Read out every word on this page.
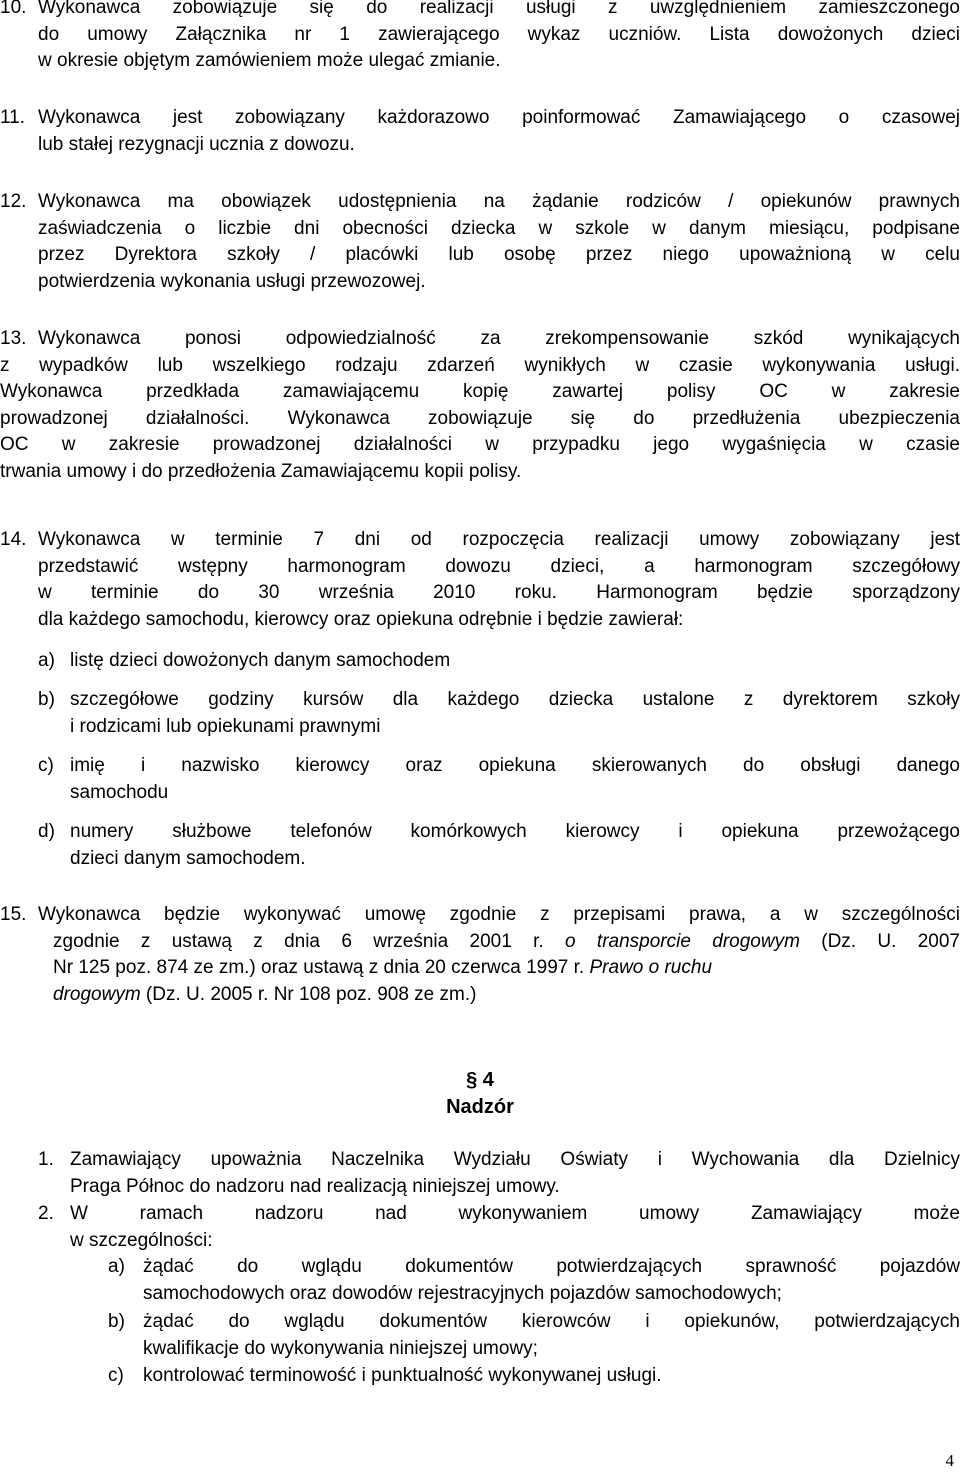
10. Wykonawca zobowiązuje się do realizacji usługi z uwzględnieniem zamieszczonego
do umowy Załącznika nr 1 zawierającego wykaz uczniów. Lista dowożonych dzieci
w okresie objętym zamówieniem może ulegać zmianie.
11. Wykonawca jest zobowiązany każdorazowo poinformować Zamawiającego o czasowej
lub stałej rezygnacji ucznia z dowozu.
12. Wykonawca ma obowiązek udostępnienia na żądanie rodziców / opiekunów prawnych
zaświadczenia o liczbie dni obecności dziecka w szkole w danym miesiącu, podpisane
przez Dyrektora szkoły / placówki lub osobę przez niego upoważnioną w celu
potwierdzenia wykonania usługi przewozowej.
13. Wykonawca ponosi odpowiedzialność za zrekompensowanie szkód wynikających
z wypadków lub wszelkiego rodzaju zdarzeń wynikłych w czasie wykonywania usługi.
Wykonawca przedkłada zamawiającemu kopię zawartej polisy OC w zakresie
prowadzonej działalności. Wykonawca zobowiązuje się do przedłużenia ubezpieczenia
OC w zakresie prowadzonej działalności w przypadku jego wygaśnięcia w czasie
trwania umowy i do przedłożenia Zamawiającemu kopii polisy.
14. Wykonawca w terminie 7 dni od rozpoczęcia realizacji umowy zobowiązany jest
przedstawić wstępny harmonogram dowozu dzieci, a harmonogram szczegółowy
w terminie do 30 września 2010 roku. Harmonogram będzie sporządzony
dla każdego samochodu, kierowcy oraz opiekuna odrębnie i będzie zawierał:
a) listę dzieci dowożonych danym samochodem
b) szczegółowe godziny kursów dla każdego dziecka ustalone z dyrektorem szkoły
i rodzicami lub opiekunami prawnymi
c) imię i nazwisko kierowcy oraz opiekuna skierowanych do obsługi danego
samochodu
d) numery służbowe telefonów komórkowych kierowcy i opiekuna przewożącego
dzieci danym samochodem.
15. Wykonawca będzie wykonywać umowę zgodnie z przepisami prawa, a w szczególności
zgodnie z ustawą z dnia 6 września 2001 r. o transporcie drogowym (Dz. U. 2007
Nr 125 poz. 874 ze zm.) oraz ustawą z dnia 20 czerwca 1997 r. Prawo o ruchu
drogowym (Dz. U. 2005 r. Nr 108 poz. 908 ze zm.)
§ 4
Nadzór
1. Zamawiający upoważnia Naczelnika Wydziału Oświaty i Wychowania dla Dzielnicy
Praga Północ do nadzoru nad realizacją niniejszej umowy.
2. W ramach nadzoru nad wykonywaniem umowy Zamawiający może
w szczególności:
a) żądać do wglądu dokumentów potwierdzających sprawność pojazdów
samochodowych oraz dowodów rejestracyjnych pojazdów samochodowych;
b) żądać do wglądu dokumentów kierowców i opiekunów, potwierdzających
kwalifikacje do wykonywania niniejszej umowy;
c) kontrolować terminowość i punktualność wykonywanej usługi.
4
